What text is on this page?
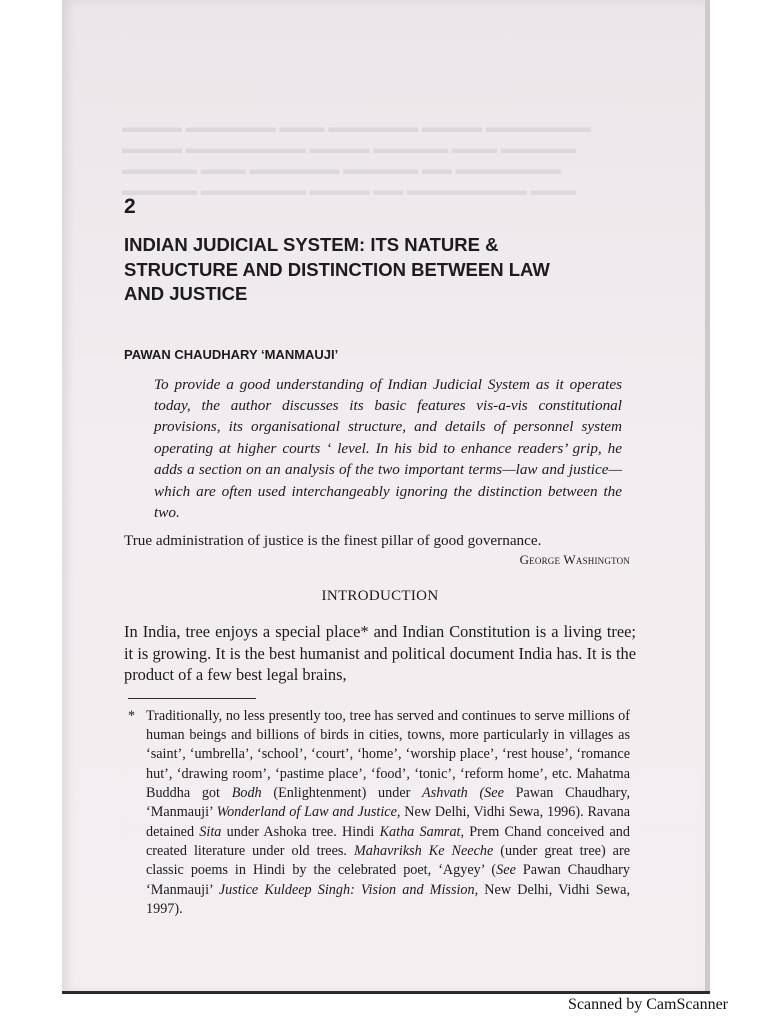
​▬▬▬▬ ▬▬▬▬▬▬ ▬▬▬ ▬▬▬▬▬▬ ▬▬▬▬ ▬▬▬▬▬▬▬
▬▬▬▬ ▬▬▬▬▬▬▬▬ ▬▬▬▬ ▬▬▬▬▬ ▬▬▬ ▬▬▬▬▬
▬▬▬▬▬ ▬▬▬ ▬▬▬▬▬▬ ▬▬▬▬▬ ▬▬ ▬▬▬▬▬▬▬
▬▬▬▬▬ ▬▬▬▬▬▬▬ ▬▬▬▬ ▬▬ ▬▬▬▬▬▬▬▬ ▬▬▬
2
INDIAN JUDICIAL SYSTEM: ITS NATURE & STRUCTURE AND DISTINCTION BETWEEN LAW AND JUSTICE
PAWAN CHAUDHARY ‘MANMAUJI’

To provide a good understanding of Indian Judicial System as it operates today, the author discusses its basic features vis-a-vis constitutional provisions, its organisational structure, and details of personnel system operating at higher courts ‘ level. In his bid to enhance readers’ grip, he adds a section on an analysis of the two important terms—law and justice—which are often used interchangeably ignoring the distinction between the two.

True administration of justice is the finest pillar of good governance.

George Washington
INTRODUCTION

In India, tree enjoys a special place* and Indian Constitution is a living tree; it is growing. It is the best humanist and political document India has. It is the product of a few best legal brains,

* Traditionally, no less presently too, tree has served and continues to serve millions of human beings and billions of birds in cities, towns, more particularly in villages as ‘saint’, ‘umbrella’, ‘school’, ‘court’, ‘home’, ‘worship place’, ‘rest house’, ‘romance hut’, ‘drawing room’, ‘pastime place’, ‘food’, ‘tonic’, ‘reform home’, etc. Mahatma Buddha got Bodh (Enlightenment) under Ashvath (See Pawan Chaudhary, ‘Manmauji’ Wonderland of Law and Justice, New Delhi, Vidhi Sewa, 1996). Ravana detained Sita under Ashoka tree. Hindi Katha Samrat, Prem Chand conceived and created literature under old trees. Mahavriksh Ke Neeche (under great tree) are classic poems in Hindi by the celebrated poet, ‘Agyey’ (See Pawan Chaudhary ‘Manmauji’ Justice Kuldeep Singh: Vision and Mission, New Delhi, Vidhi Sewa, 1997).

Scanned by CamScanner
